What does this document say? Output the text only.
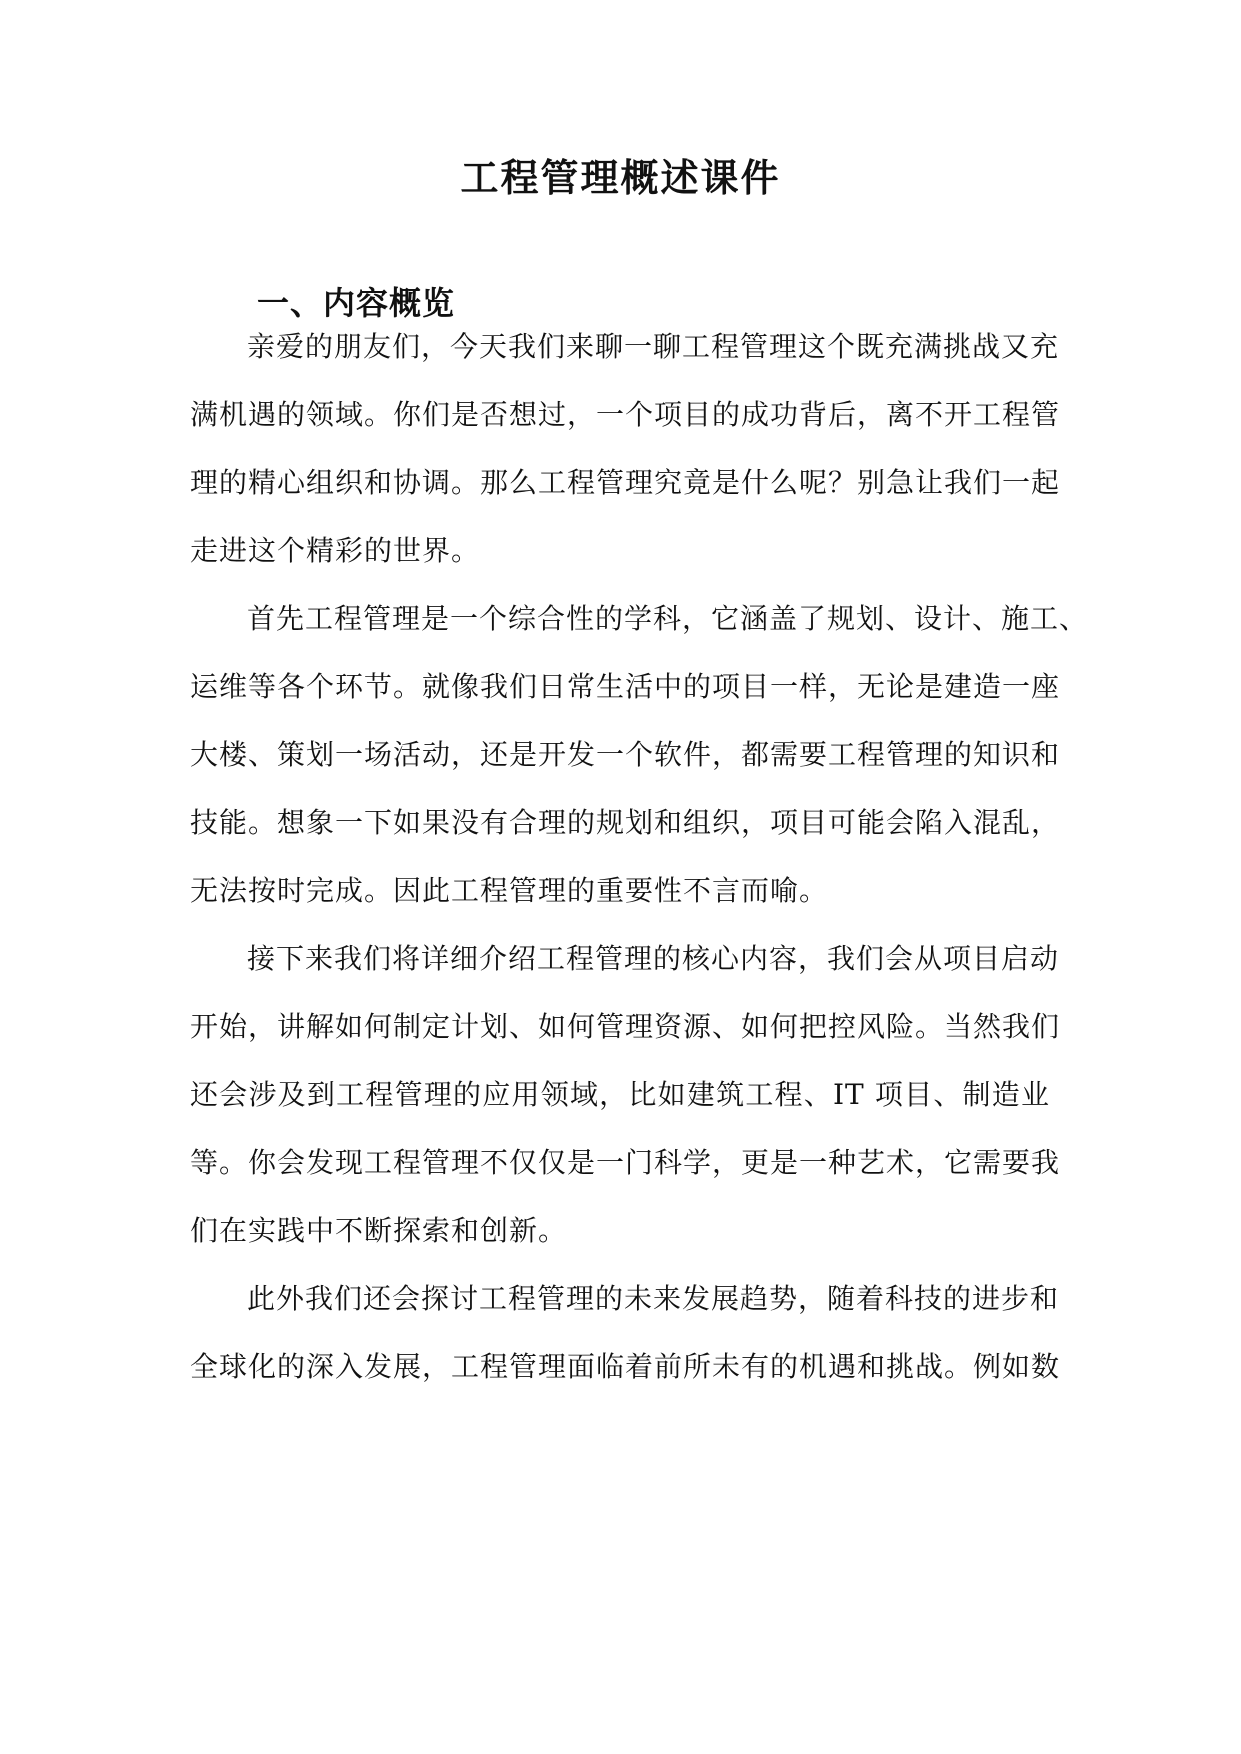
工程管理概述课件
一、内容概览

亲爱的朋友们，今天我们来聊一聊工程管理这个既充满挑战又充

满机遇的领域。你们是否想过，一个项目的成功背后，离不开工程管

理的精心组织和协调。那么工程管理究竟是什么呢？别急让我们一起

走进这个精彩的世界。

首先工程管理是一个综合性的学科，它涵盖了规划、设计、施工、

运维等各个环节。就像我们日常生活中的项目一样，无论是建造一座

大楼、策划一场活动，还是开发一个软件，都需要工程管理的知识和

技能。想象一下如果没有合理的规划和组织，项目可能会陷入混乱，

无法按时完成。因此工程管理的重要性不言而喻。

接下来我们将详细介绍工程管理的核心内容，我们会从项目启动

开始，讲解如何制定计划、如何管理资源、如何把控风险。当然我们

还会涉及到工程管理的应用领域，比如建筑工程、IT 项目、制造业

等。你会发现工程管理不仅仅是一门科学，更是一种艺术，它需要我

们在实践中不断探索和创新。

此外我们还会探讨工程管理的未来发展趋势，随着科技的进步和

全球化的深入发展，工程管理面临着前所未有的机遇和挑战。例如数
